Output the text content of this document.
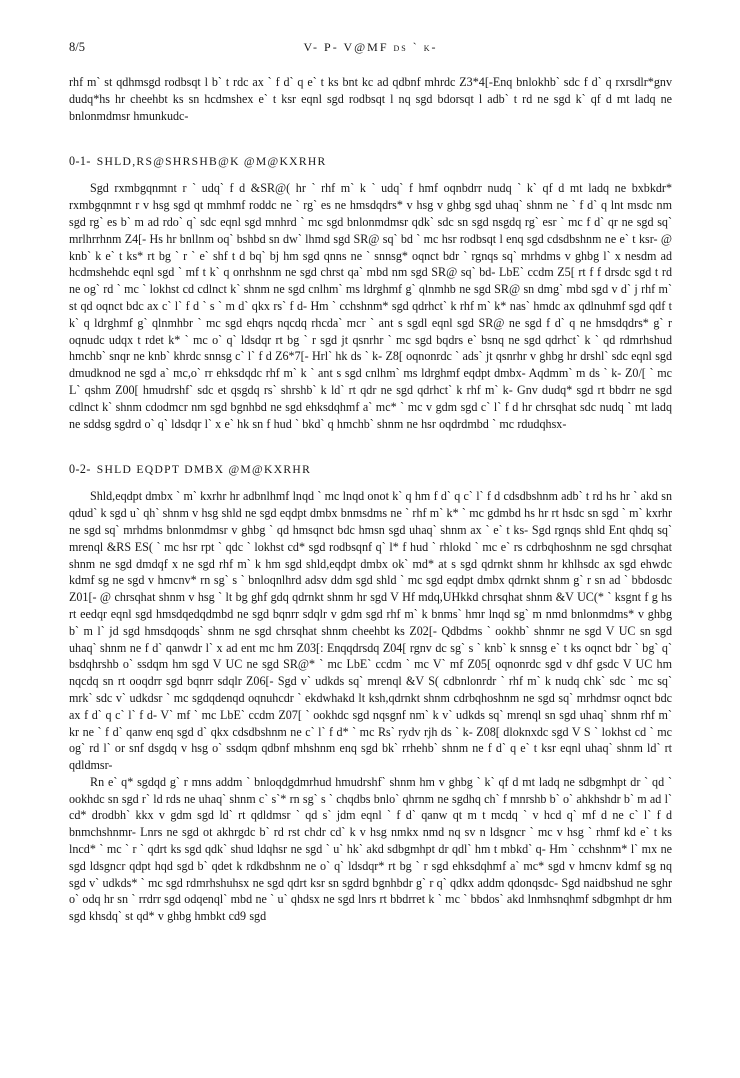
8/5	V- P- V@MF ds ` k-

rhf m` st qdhmsgd rodbsqt l b` t rdc ax ` f d` q e` t ks bnt kc ad qdbnf mhrdc Z3*4[-Enq bnlokhb` sdc f d` q rxrsdlr*gnv dudq*hs hr cheehbt ks sn hcdmshex e` t ksr eqnl sgd rodbsqt l nq sgd bdorsqt l adb` t rd ne sgd k` qf d mt ladq ne bnlonmdmsr hmunkudc-

0-1- SHLD,RS@SHRSHB@K @M@KXRHR

Sgd rxmbgqnmnt r ` udq` f d &SR@( hr ` rhf m` k ` udq` f hmf oqnbdrr nudq ` k` qf d mt ladq ne bxbkdr* rxmbgqnmnt r v hsg sgd qt mmhmf roddc ne ` rg` es ne hmsdqdrs* v hsg v ghbg sgd uhaq` shnm ne ` f d` q lnt msdc nm sgd rg` es b` m ad rdo` q` sdc eqnl sgd mnhrd ` mc sgd bnlonmdmsr qdk` sdc sn sgd nsgdq rg` esr ` mc f d` qr ne sgd sq` mrlhrrhnm Z4[- Hs hr bnllnm oq` bshbd sn dw` lhmd sgd SR@ sq` bd ` mc hsr rodbsqt l enq sgd cdsdbshnm ne e` t ksr- @ knb` k e` t ks* rt bg ` r ` e` shf t d bq` bj hm sgd qnns ne ` snnsg* oqnct bdr ` rgnqs sq` mrhdms v ghbg l` x nesdm ad hcdmshehdc eqnl sgd ` mf t k` q onrhshnm ne sgd chrst qa` mbd nm sgd SR@ sq` bd- LbE` ccdm Z5[ rt f f drsdc sgd t rd ne og` rd ` mc ` lokhst cd cdlnct k` shnm ne sgd cnlhm` ms ldrghmf g` qlnmhb ne sgd SR@ sn dmg` mbd sgd v d` j rhf m` st qd oqnct bdc ax c` l` f d ` s ` m d` qkx rs` f d- Hm ` cchshnm* sgd qdrhct` k rhf m` k* nas` hmdc ax qdlnuhmf sgd qdf t k` q ldrghmf g` qlnmhbr ` mc sgd ehqrs nqcdq rhcda` mcr ` ant s sgdl eqnl sgd SR@ ne sgd f d` q ne hmsdqdrs* g` r oqnudc udqx t rdet k* ` mc o` q` ldsdqr rt bg ` r sgd jt qsnrhr ` mc sgd bqdrs e` bsnq ne sgd qdrhct` k ` qd rdmrhshud hmchb` snqr ne knb` khrdc snnsg c` l` f d Z6*7[- Hrl` hk ds ` k- Z8[ oqnonrdc ` ads` jt qsnrhr v ghbg hr drshl` sdc eqnl sgd dmudknod ne sgd a` mc,o` rr ehksdqdc rhf m` k ` ant s sgd cnlhm` ms ldrghmf eqdpt dmbx- Aqdmm` m ds ` k- Z0/[ ` mc L` qshm Z00[ hmudrshf` sdc et qsgdq rs` shrshb` k ld` rt qdr ne sgd qdrhct` k rhf m` k- Gnv dudq* sgd rt bbdrr ne sgd cdlnct k` shnm cdodmcr nm sgd bgnhbd ne sgd ehksdqhmf a` mc* ` mc v gdm sgd c` l` f d hr chrsqhat sdc nudq ` mt ladq ne sddsg sgdrd o` q` ldsdqr l` x e` hk sn f hud ` bkd` q hmchb` shnm ne hsr oqdrdmbd ` mc rdudqhsx-

0-2- SHLD EQDPT DMBX @M@KXRHR

Shld,eqdpt dmbx ` m` kxrhr hr adbnlhmf lnqd ` mc lnqd onot k` q hm f d` q c` l` f d cdsdbshnm adb` t rd hs hr ` akd sn qdud` k sgd u` qh` shnm v hsg shld ne sgd eqdpt dmbx bnmsdms ne ` rhf m` k* ` mc gdmbd hs hr rt hsdc sn sgd ` m` kxrhr ne sgd sq` mrhdms bnlonmdmsr v ghbg ` qd hmsqnct bdc hmsn sgd uhaq` shnm ax ` e` t ks- Sgd rgnqs shld Ent qhdq sq` mrenql &RS ES( ` mc hsr rpt ` qdc ` lokhst cd* sgd rodbsqnf q` l* f hud ` rhlokd ` mc e` rs cdrbqhoshnm ne sgd chrsqhat shnm ne sgd dmdqf x ne sgd rhf m` k hm sgd shld,eqdpt dmbx ok` md* at s sgd qdrnkt shnm hr khlhsdc ax sgd ehwdc kdmf sg ne sgd v hmcnv* rn sg` s ` bnloqnlhrd adsv ddm sgd shld ` mc sgd eqdpt dmbx qdrnkt shnm g` r sn ad ` bbdosdc Z01[- @ chrsqhat shnm v hsg ` lt bg ghf gdq qdrnkt shnm hr sgd V Hf mdq,UHkkd chrsqhat shnm &V UC(* ` ksgnt f g hs rt eedqr eqnl sgd hmsdqedqdmbd ne sgd bqnrr sdqlr v gdm sgd rhf m` k bnms` hmr lnqd sg` m nmd bnlonmdms* v ghbg b` m l` jd sgd hmsdqoqds` shnm ne sgd chrsqhat shnm cheehbt ks Z02[- Qdbdms ` ookhb` shnmr ne sgd V UC sn sgd uhaq` shnm ne f d` qanwdr l` x ad ent mc hm Z03[: Enqqdrsdq Z04[ rgnv dc sg` s ` knb` k snnsg e` t ks oqnct bdr ` bg` q` bsdqhrshb o` ssdqm hm sgd V UC ne sgd SR@* ` mc LbE` ccdm ` mc V` mf Z05[ oqnonrdc sgd v dhf gsdc V UC hm nqcdq sn rt ooqdrr sgd bqnrr sdqlr Z06[- Sgd v` udkds sq` mrenql &V S( cdbnlonrdr ` rhf m` k nudq chk` sdc ` mc sq` mrk` sdc v` udkdsr ` mc sgdqdenqd oqnuhcdr ` ekdwhakd lt ksh,qdrnkt shnm cdrbqhoshnm ne sgd sq` mrhdmsr oqnct bdc ax f d` q c` l` f d- V` mf ` mc LbE` ccdm Z07[ ` ookhdc sgd nqsgnf nm` k v` udkds sq` mrenql sn sgd uhaq` shnm rhf m` kr ne ` f d` qanw enq sgd d` qkx cdsdbshnm ne c` l` f d* ` mc Rs` rydv rjh ds ` k- Z08[ dloknxdc sgd V S ` lokhst cd ` mc og` rd l` or snf dsgdq v hsg o` ssdqm qdbnf mhshnm enq sgd bk` rrhehb` shnm ne f d` q e` t ksr eqnl uhaq` shnm ld` rt qdldmsr-

Rn e` q* sgdqd g` r mns addm ` bnloqdgdmrhud hmudrshf` shnm hm v ghbg ` k` qf d mt ladq ne sdbgmhpt dr ` qd ` ookhdc sn sgd r` ld rds ne uhaq` shnm c` s`* rn sg` s ` chqdbs bnlo` qhrnm ne sgdhq ch` f mnrshb b` o` ahkhshdr b` m ad l` cd* drodbh` kkx v gdm sgd ld` rt qdldmsr ` qd s` jdm eqnl ` f d` qanw qt m t mcdq ` v hcd q` mf d ne c` l` f d bnmchshnmr- Lnrs ne sgd ot akhrgdc b` rd rst chdr cd` k v hsg nmkx nmd nq sv n ldsgncr ` mc v hsg ` rhmf kd e` t ks lncd* ` mc ` r ` qdrt ks sgd qdk` shud ldqhsr ne sgd ` u` hk` akd sdbgmhpt dr qdl` hm t mbkd` q- Hm ` cchshnm* l` mx ne sgd ldsgncr qdpt hqd sgd b` qdet k rdkdbshnm ne o` q` ldsdqr* rt bg ` r sgd ehksdqhmf a` mc* sgd v hmcnv kdmf sg nq sgd v` udkds* ` mc sgd rdmrhshuhsx ne sgd qdrt ksr sn sgdrd bgnhbdr g` r q` qdkx addm qdonqsdc- Sgd naidbshud ne sghr o` odq hr sn ` rrdrr sgd odqenql` mbd ne ` u` qhdsx ne sgd lnrs rt bbdrret k ` mc ` bbdos` akd lnmhsnqhmf sdbgmhpt dr hm sgd khsdq` st qd* v ghbg hmbkt cd9 sgd
